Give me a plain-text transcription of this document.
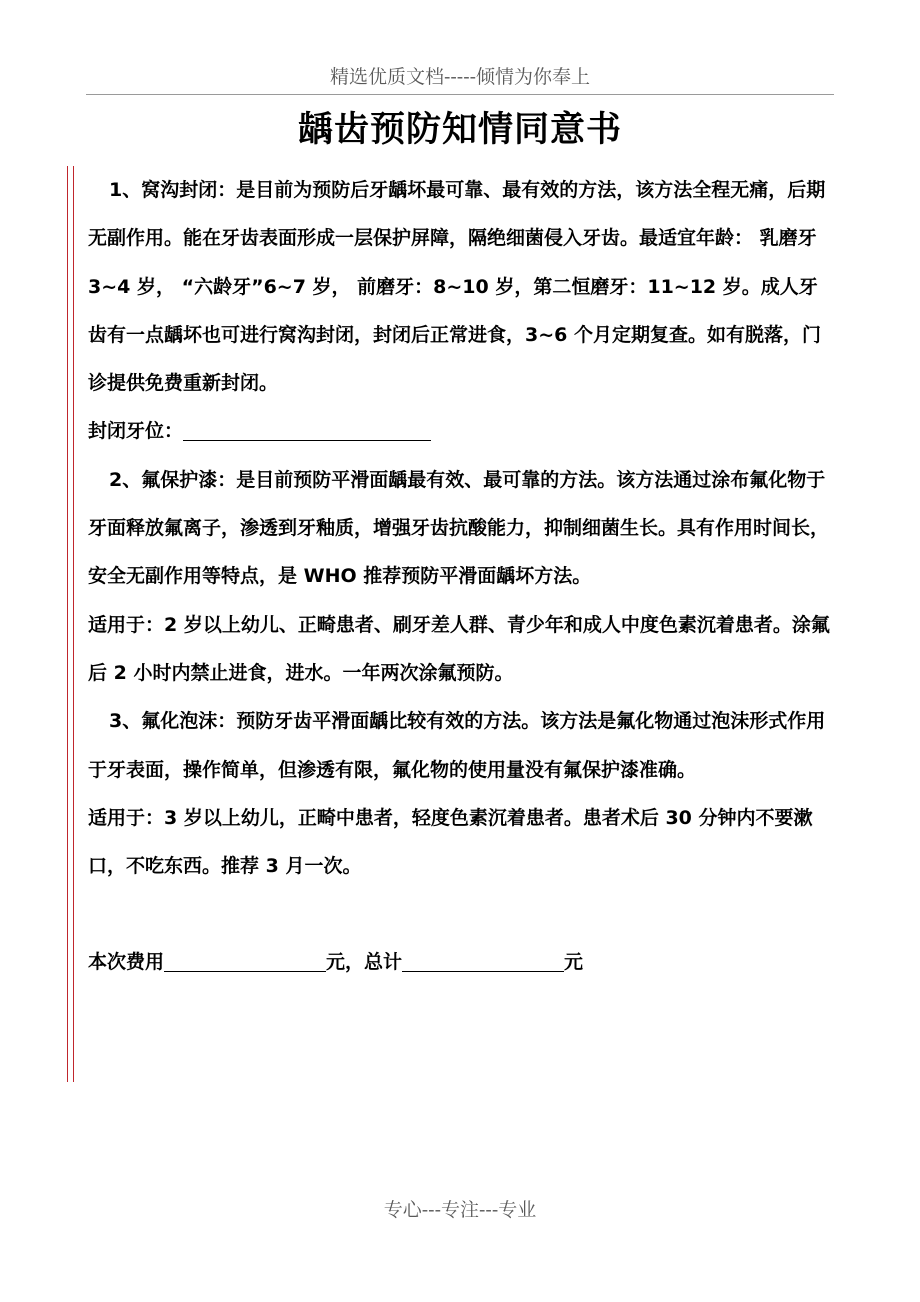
精选优质文档-----倾情为你奉上
龋齿预防知情同意书

1、窝沟封闭：是目前为预防后牙龋坏最可靠、最有效的方法，该方法全程无痛，后期无副作用。能在牙齿表面形成一层保护屏障，隔绝细菌侵入牙齿。最适宜年龄： 乳磨牙 3~4 岁， “六龄牙”6~7 岁， 前磨牙：8~10 岁，第二恒磨牙：11~12 岁。成人牙齿有一点龋坏也可进行窝沟封闭，封闭后正常进食，3~6 个月定期复查。如有脱落，门诊提供免费重新封闭。

封闭牙位：

2、氟保护漆：是目前预防平滑面龋最有效、最可靠的方法。该方法通过涂布氟化物于牙面释放氟离子，渗透到牙釉质，增强牙齿抗酸能力，抑制细菌生长。具有作用时间长，安全无副作用等特点，是 WHO 推荐预防平滑面龋坏方法。

适用于：2 岁以上幼儿、正畸患者、刷牙差人群、青少年和成人中度色素沉着患者。涂氟后 2 小时内禁止进食，进水。一年两次涂氟预防。

3、氟化泡沫：预防牙齿平滑面龋比较有效的方法。该方法是氟化物通过泡沫形式作用于牙表面，操作简单，但渗透有限，氟化物的使用量没有氟保护漆准确。

适用于：3 岁以上幼儿，正畸中患者，轻度色素沉着患者。患者术后 30 分钟内不要漱口，不吃东西。推荐 3 月一次。

本次费用	元，总计	元

专心---专注---专业
